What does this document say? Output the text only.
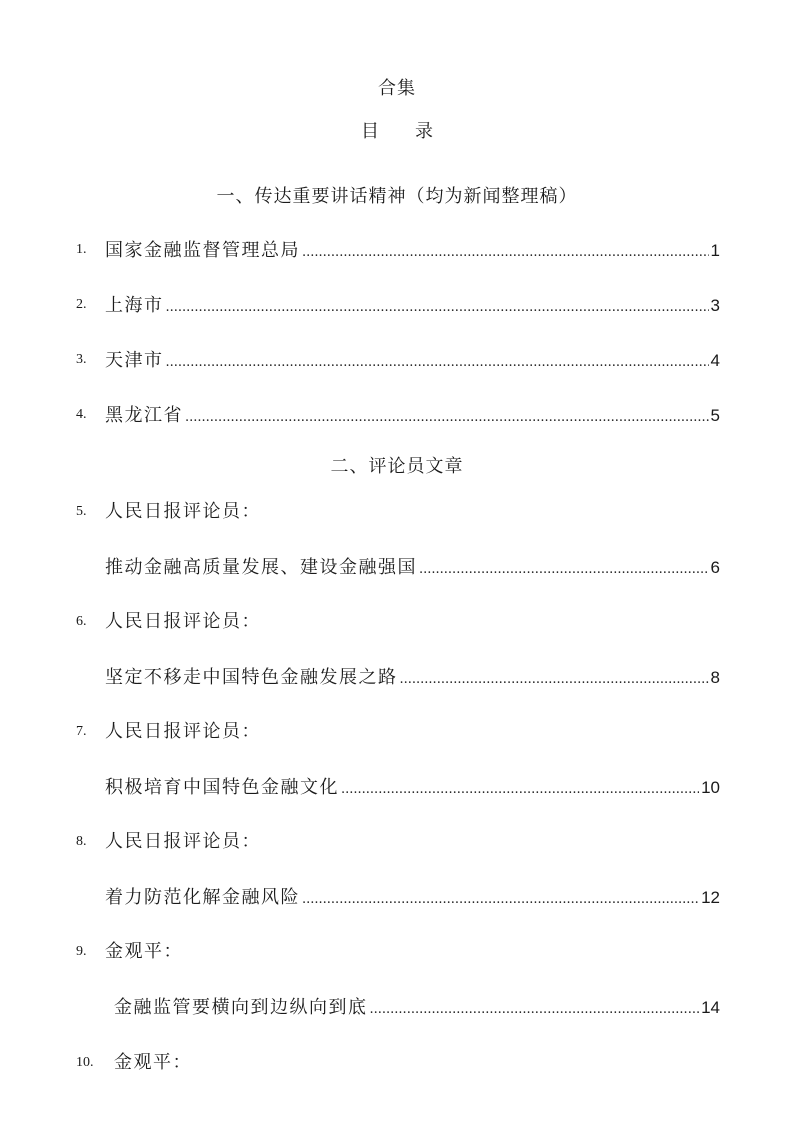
合集
目 录
一、传达重要讲话精神（均为新闻整理稿）
1. 国家金融监督管理总局 .....	1
2. 上海市 .....	3
3. 天津市 .....	4
4. 黑龙江省 .....	5
二、评论员文章
5. 人民日报评论员：
推动金融高质量发展、建设金融强国 .....	6
6. 人民日报评论员：
坚定不移走中国特色金融发展之路 .....	8
7. 人民日报评论员：
积极培育中国特色金融文化 .....	10
8. 人民日报评论员：
着力防范化解金融风险 .....	12
9. 金观平：
金融监管要横向到边纵向到底 .....	14
10. 金观平：
